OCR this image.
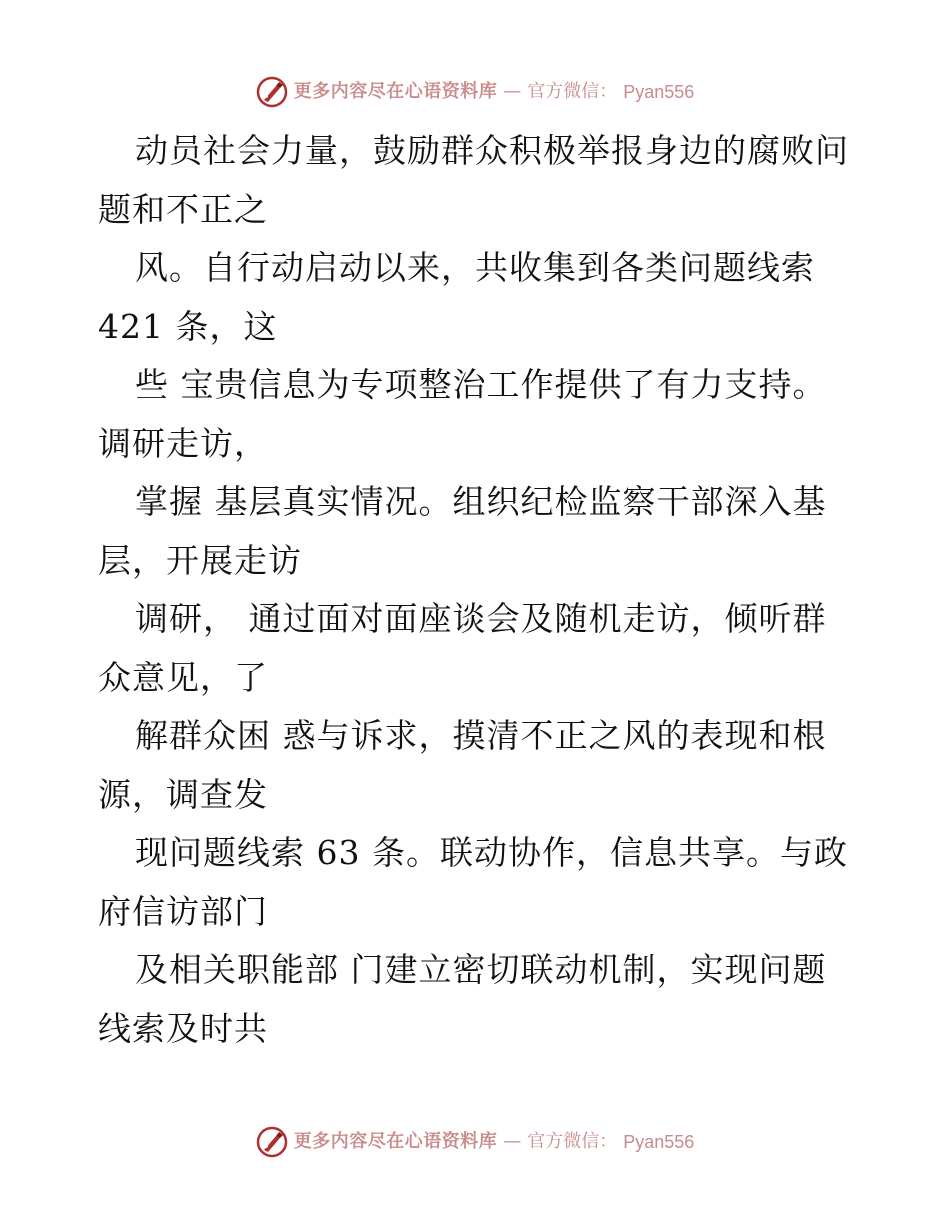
更多内容尽在心语资料库 — 官方微信： Pyan556
动员社会力量，鼓励群众积极举报身边的腐败问
题和不正之
风。自行动启动以来，共收集到各类问题线索
421 条，这
些 宝贵信息为专项整治工作提供了有力支持。
调研走访，
掌握 基层真实情况。组织纪检监察干部深入基
层，开展走访
调研， 通过面对面座谈会及随机走访，倾听群
众意见，了
解群众困 惑与诉求，摸清不正之风的表现和根
源，调查发
现问题线索 63 条。联动协作，信息共享。与政
府信访部门
及相关职能部 门建立密切联动机制，实现问题
线索及时共
更多内容尽在心语资料库 — 官方微信： Pyan556
